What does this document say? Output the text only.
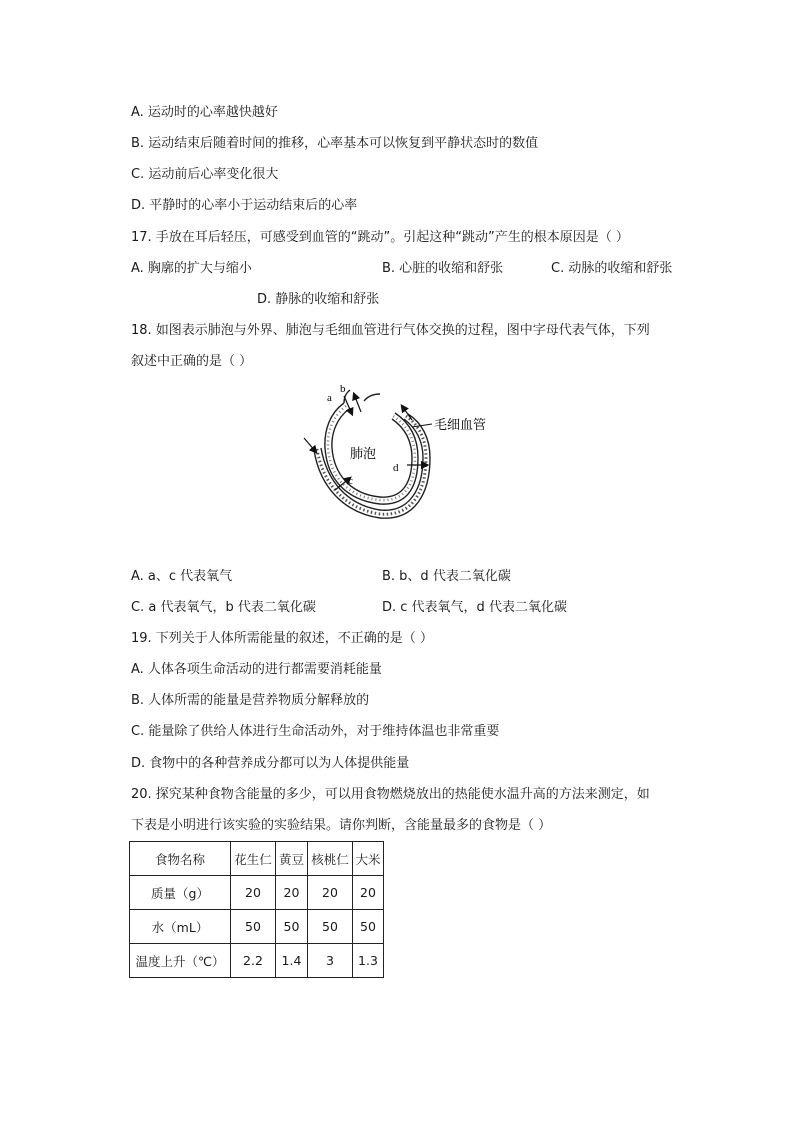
A. 运动时的心率越快越好
B. 运动结束后随着时间的推移，心率基本可以恢复到平静状态时的数值
C. 运动前后心率变化很大
D. 平静时的心率小于运动结束后的心率
17. 手放在耳后轻压，可感受到血管的“跳动”。引起这种“跳动”产生的根本原因是（ ）
A. 胸廓的扩大与缩小	B. 心脏的收缩和舒张	C. 动脉的收缩和舒张
D. 静脉的收缩和舒张
18. 如图表示肺泡与外界、肺泡与毛细血管进行气体交换的过程，图中字母代表气体，下列
叙述中正确的是（ ）
a
b
c
d
肺泡
毛细血管
A. a、c 代表氧气	B. b、d 代表二氧化碳
C. a 代表氧气，b 代表二氧化碳	D. c 代表氧气，d 代表二氧化碳
19. 下列关于人体所需能量的叙述，不正确的是（ ）
A. 人体各项生命活动的进行都需要消耗能量
B. 人体所需的能量是营养物质分解释放的
C. 能量除了供给人体进行生命活动外，对于维持体温也非常重要
D. 食物中的各种营养成分都可以为人体提供能量
20. 探究某种食物含能量的多少，可以用食物燃烧放出的热能使水温升高的方法来测定，如
下表是小明进行该实验的实验结果。请你判断，含能量最多的食物是（ ）
食物名称	花生仁	黄豆	核桃仁	大米
质量（g）	20	20	20	20
水（mL）	50	50	50	50
温度上升（℃）	2.2	1.4	3	1.3
